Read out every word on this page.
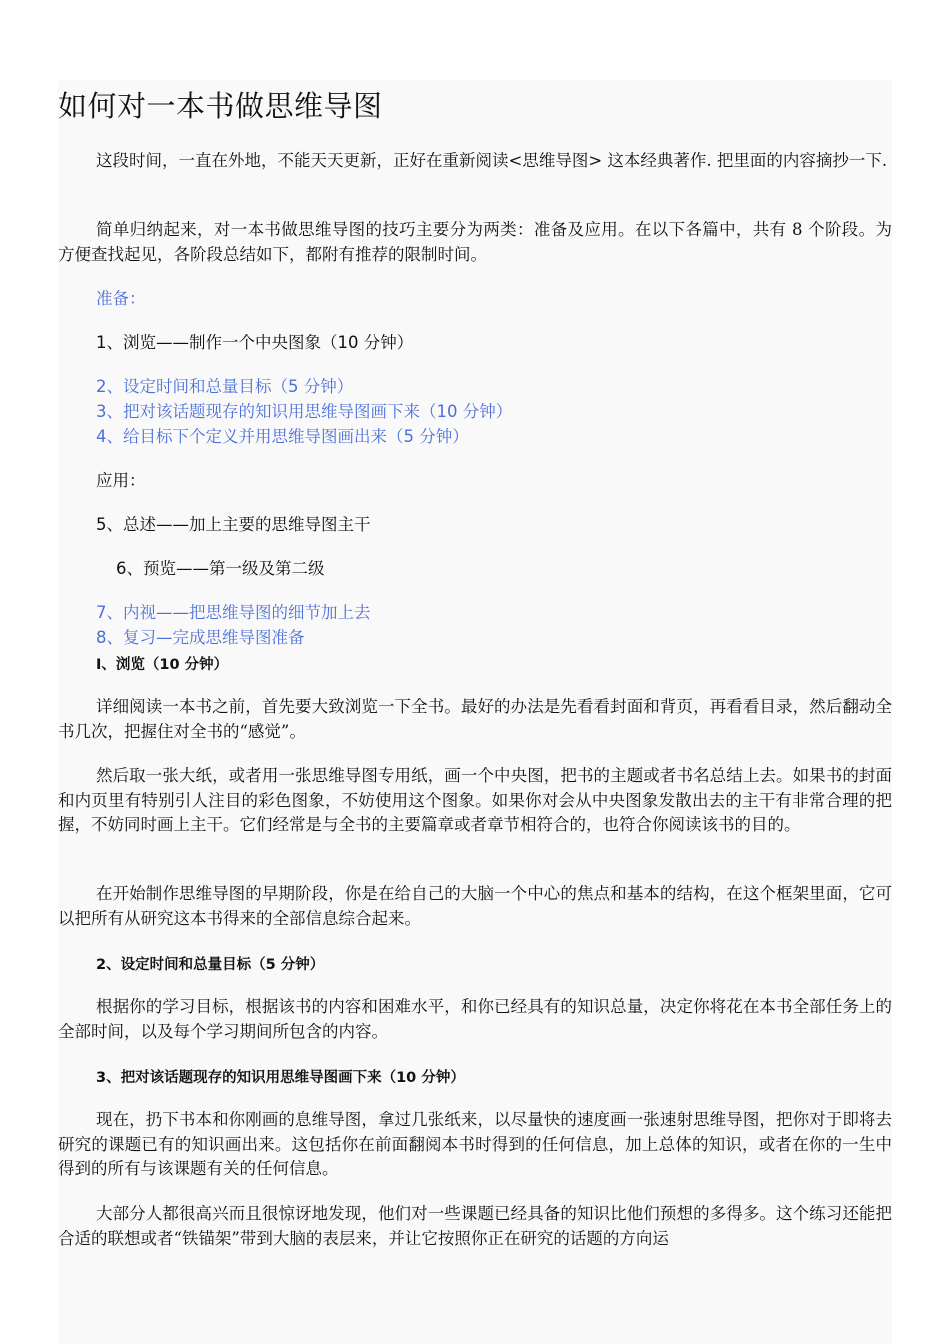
如何对一本书做思维导图

这段时间，一直在外地，不能天天更新，正好在重新阅读<思维导图> 这本经典著作. 把里面的内容摘抄一下.

简单归纳起来，对一本书做思维导图的技巧主要分为两类：准备及应用。在以下各篇中，共有 8 个阶段。为方便查找起见，各阶段总结如下，都附有推荐的限制时间。

准备：

1、浏览——制作一个中央图象（10 分钟）

2、设定时间和总量目标（5 分钟）

3、把对该话题现存的知识用思维导图画下来（10 分钟）

4、给目标下个定义并用思维导图画出来（5 分钟）

应用：

5、总述——加上主要的思维导图主干

6、预览——第一级及第二级

7、内视——把思维导图的细节加上去

8、复习—完成思维导图准备

I、浏览（10 分钟）

详细阅读一本书之前，首先要大致浏览一下全书。最好的办法是先看看封面和背页，再看看目录，然后翻动全书几次，把握住对全书的“感觉”。

然后取一张大纸，或者用一张思维导图专用纸，画一个中央图，把书的主题或者书名总结上去。如果书的封面和内页里有特别引人注目的彩色图象，不妨使用这个图象。如果你对会从中央图象发散出去的主干有非常合理的把握，不妨同时画上主干。它们经常是与全书的主要篇章或者章节相符合的，也符合你阅读该书的目的。

在开始制作思维导图的早期阶段，你是在给自己的大脑一个中心的焦点和基本的结构，在这个框架里面，它可以把所有从研究这本书得来的全部信息综合起来。

2、设定时间和总量目标（5 分钟）

根据你的学习目标，根据该书的内容和困难水平，和你已经具有的知识总量，决定你将花在本书全部任务上的全部时间，以及每个学习期间所包含的内容。

3、把对该话题现存的知识用思维导图画下来（10 分钟）

现在，扔下书本和你刚画的息维导图，拿过几张纸来，以尽量快的速度画一张速射思维导图，把你对于即将去研究的课题已有的知识画出来。这包括你在前面翻阅本书时得到的任何信息，加上总体的知识，或者在你的一生中得到的所有与该课题有关的任何信息。

大部分人都很高兴而且很惊讶地发现，他们对一些课题已经具备的知识比他们预想的多得多。这个练习还能把合适的联想或者“铁锚架”带到大脑的表层来，并让它按照你正在研究的话题的方向运
